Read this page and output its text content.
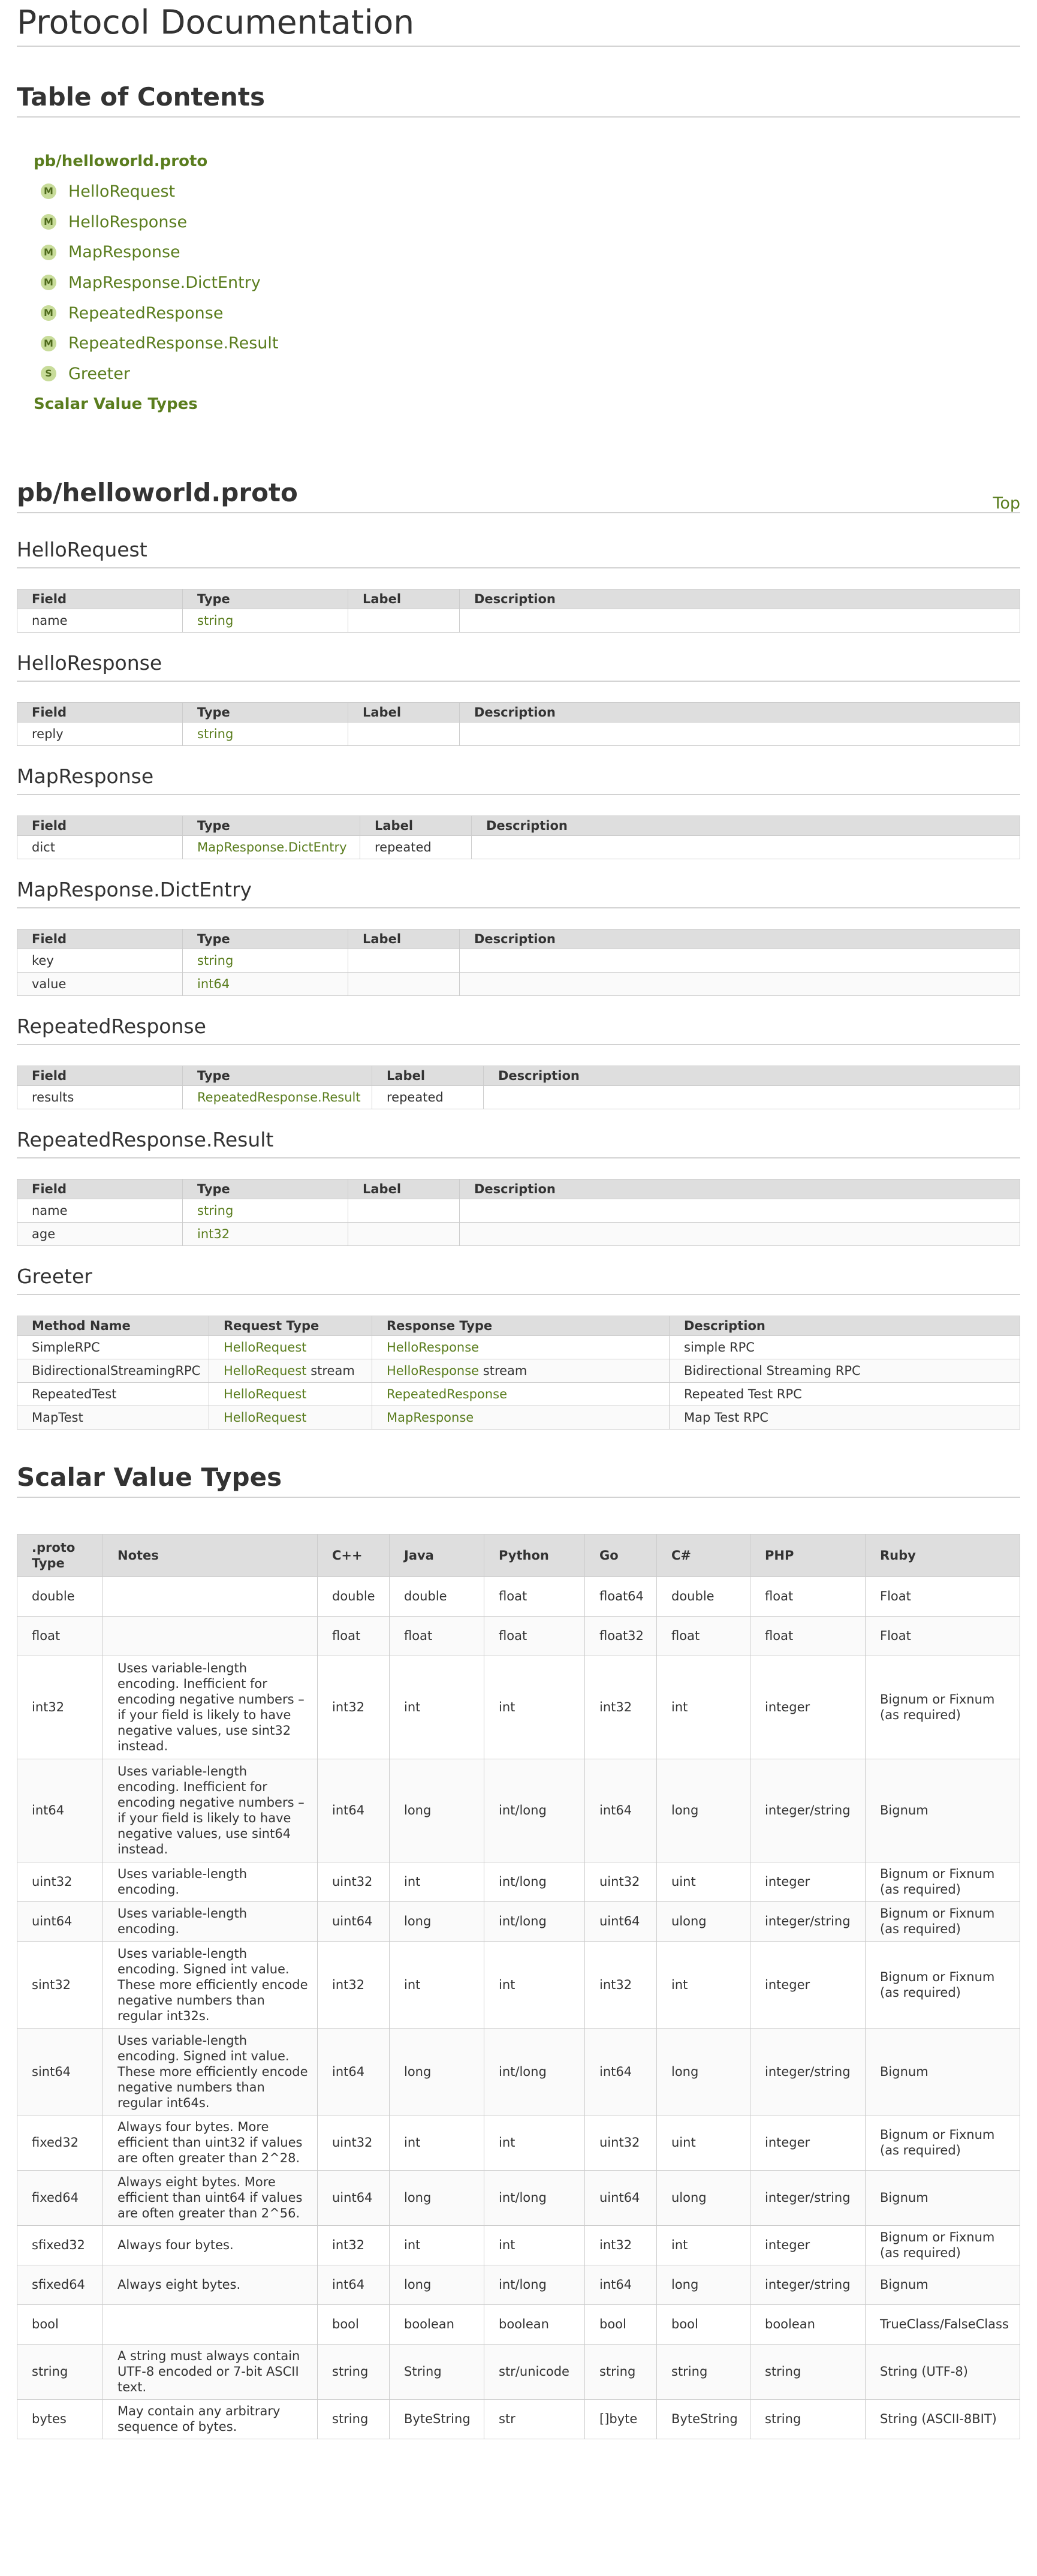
Protocol Documentation
Table of Contents
pb/helloworld.proto
M HelloRequest
M HelloResponse
M MapResponse
M MapResponse.DictEntry
M RepeatedResponse
M RepeatedResponse.Result
S Greeter
Scalar Value Types
pb/helloworld.proto	Top
HelloRequest
Field	Type	Label	Description
name	string		
HelloResponse
Field	Type	Label	Description
reply	string		
MapResponse
Field	Type	Label	Description
dict	MapResponse.DictEntry	repeated	
MapResponse.DictEntry
Field	Type	Label	Description
key	string		
value	int64		
RepeatedResponse
Field	Type	Label	Description
results	RepeatedResponse.Result	repeated	
RepeatedResponse.Result
Field	Type	Label	Description
name	string		
age	int32		
Greeter
Method Name	Request Type	Response Type	Description
SimpleRPC	HelloRequest	HelloResponse	simple RPC
BidirectionalStreamingRPC	HelloRequest stream	HelloResponse stream	Bidirectional Streaming RPC
RepeatedTest	HelloRequest	RepeatedResponse	Repeated Test RPC
MapTest	HelloRequest	MapResponse	Map Test RPC
Scalar Value Types
.proto Type	Notes	C++	Java	Python	Go	C#	PHP	Ruby
double		double	double	float	float64	double	float	Float
float		float	float	float	float32	float	float	Float
int32	Uses variable-length encoding. Inefficient for encoding negative numbers – if your field is likely to have negative values, use sint32 instead.	int32	int	int	int32	int	integer	Bignum or Fixnum (as required)
int64	Uses variable-length encoding. Inefficient for encoding negative numbers – if your field is likely to have negative values, use sint64 instead.	int64	long	int/long	int64	long	integer/string	Bignum
uint32	Uses variable-length encoding.	uint32	int	int/long	uint32	uint	integer	Bignum or Fixnum (as required)
uint64	Uses variable-length encoding.	uint64	long	int/long	uint64	ulong	integer/string	Bignum or Fixnum (as required)
sint32	Uses variable-length encoding. Signed int value. These more efficiently encode negative numbers than regular int32s.	int32	int	int	int32	int	integer	Bignum or Fixnum (as required)
sint64	Uses variable-length encoding. Signed int value. These more efficiently encode negative numbers than regular int64s.	int64	long	int/long	int64	long	integer/string	Bignum
fixed32	Always four bytes. More efficient than uint32 if values are often greater than 2^28.	uint32	int	int	uint32	uint	integer	Bignum or Fixnum (as required)
fixed64	Always eight bytes. More efficient than uint64 if values are often greater than 2^56.	uint64	long	int/long	uint64	ulong	integer/string	Bignum
sfixed32	Always four bytes.	int32	int	int	int32	int	integer	Bignum or Fixnum (as required)
sfixed64	Always eight bytes.	int64	long	int/long	int64	long	integer/string	Bignum
bool		bool	boolean	boolean	bool	bool	boolean	TrueClass/FalseClass
string	A string must always contain UTF-8 encoded or 7-bit ASCII text.	string	String	str/unicode	string	string	string	String (UTF-8)
bytes	May contain any arbitrary sequence of bytes.	string	ByteString	str	[]byte	ByteString	string	String (ASCII-8BIT)
